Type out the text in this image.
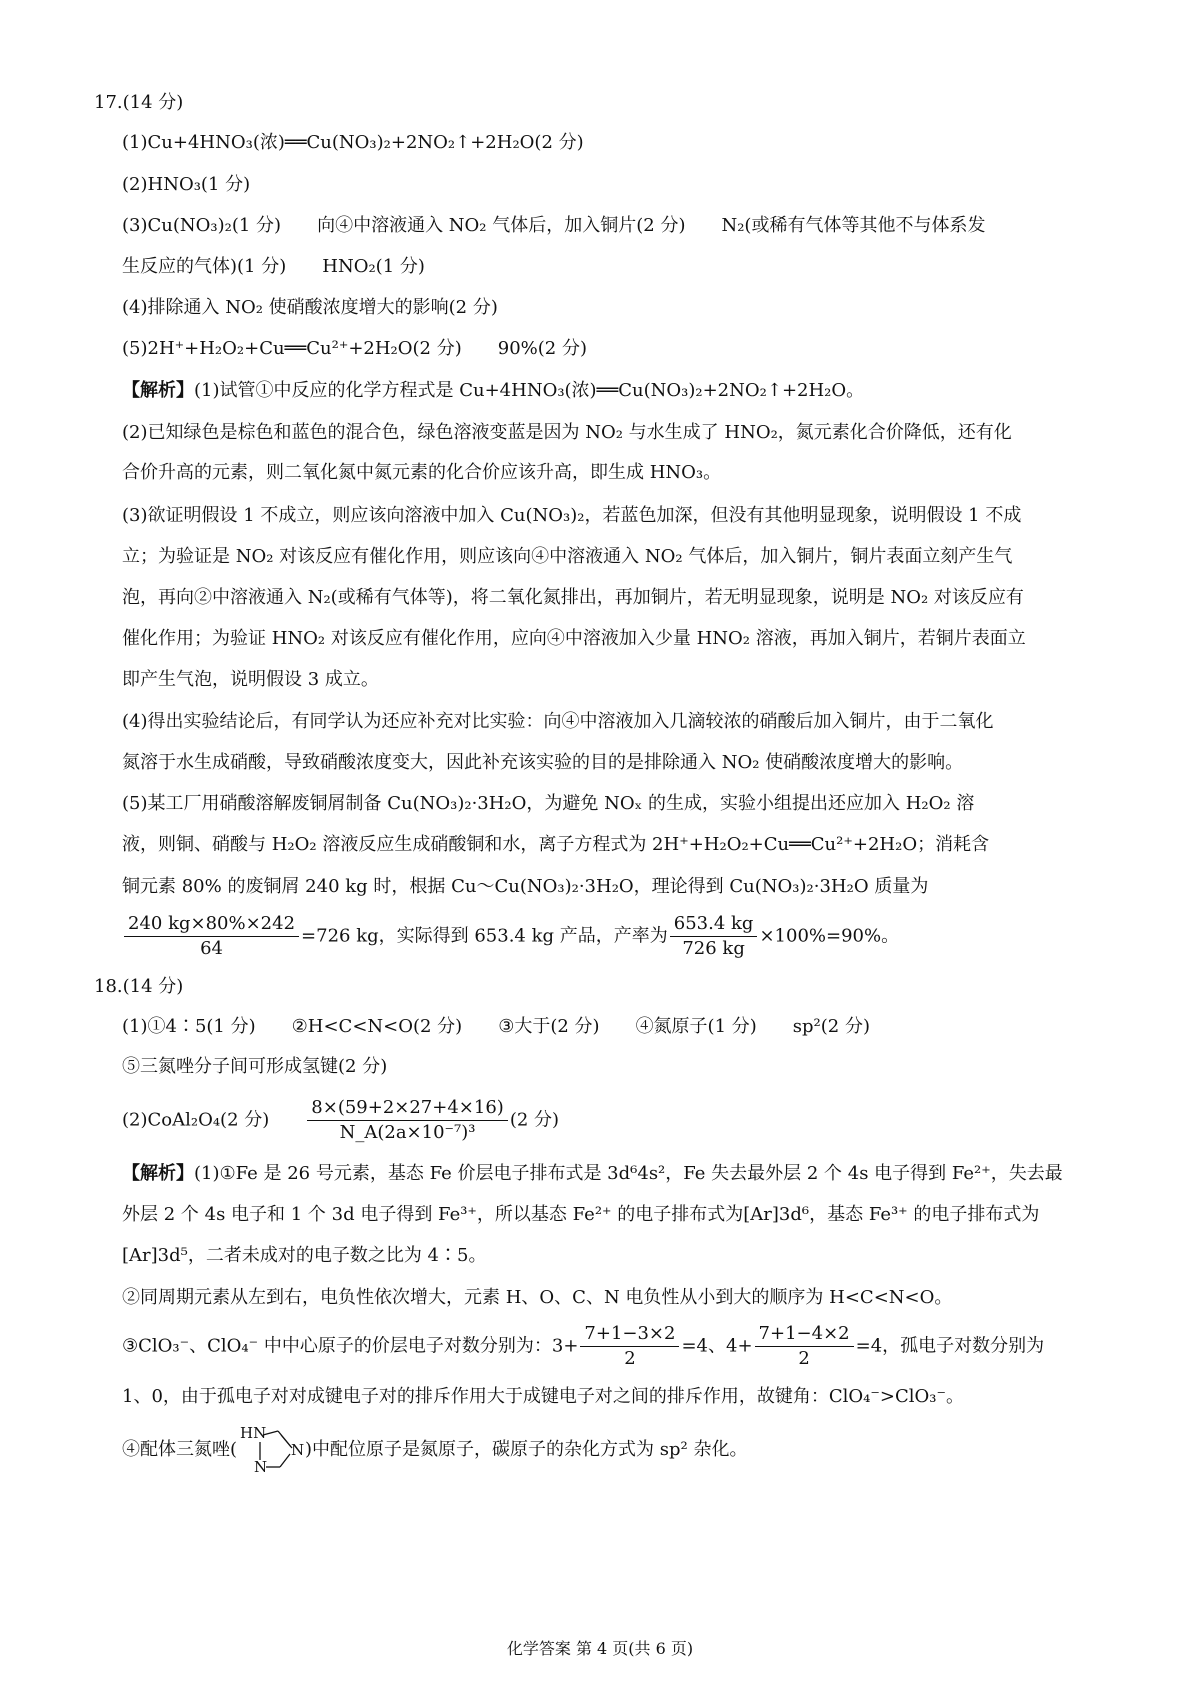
17.(14 分)
(1)Cu+4HNO₃(浓)══Cu(NO₃)₂+2NO₂↑+2H₂O(2 分)
(2)HNO₃(1 分)
(3)Cu(NO₃)₂(1 分) 向④中溶液通入 NO₂ 气体后，加入铜片(2 分) N₂(或稀有气体等其他不与体系发
生反应的气体)(1 分) HNO₂(1 分)
(4)排除通入 NO₂ 使硝酸浓度增大的影响(2 分)
(5)2H⁺+H₂O₂+Cu══Cu²⁺+2H₂O(2 分) 90%(2 分)
【解析】(1)试管①中反应的化学方程式是 Cu+4HNO₃(浓)══Cu(NO₃)₂+2NO₂↑+2H₂O。
(2)已知绿色是棕色和蓝色的混合色，绿色溶液变蓝是因为 NO₂ 与水生成了 HNO₂，氮元素化合价降低，还有化
合价升高的元素，则二氧化氮中氮元素的化合价应该升高，即生成 HNO₃。
(3)欲证明假设 1 不成立，则应该向溶液中加入 Cu(NO₃)₂，若蓝色加深，但没有其他明显现象，说明假设 1 不成
立；为验证是 NO₂ 对该反应有催化作用，则应该向④中溶液通入 NO₂ 气体后，加入铜片，铜片表面立刻产生气
泡，再向②中溶液通入 N₂(或稀有气体等)，将二氧化氮排出，再加铜片，若无明显现象，说明是 NO₂ 对该反应有
催化作用；为验证 HNO₂ 对该反应有催化作用，应向④中溶液加入少量 HNO₂ 溶液，再加入铜片，若铜片表面立
即产生气泡，说明假设 3 成立。
(4)得出实验结论后，有同学认为还应补充对比实验：向④中溶液加入几滴较浓的硝酸后加入铜片，由于二氧化
氮溶于水生成硝酸，导致硝酸浓度变大，因此补充该实验的目的是排除通入 NO₂ 使硝酸浓度增大的影响。
(5)某工厂用硝酸溶解废铜屑制备 Cu(NO₃)₂·3H₂O，为避免 NOₓ 的生成，实验小组提出还应加入 H₂O₂ 溶
液，则铜、硝酸与 H₂O₂ 溶液反应生成硝酸铜和水，离子方程式为 2H⁺+H₂O₂+Cu══Cu²⁺+2H₂O；消耗含
铜元素 80% 的废铜屑 240 kg 时，根据 Cu～Cu(NO₃)₂·3H₂O，理论得到 Cu(NO₃)₂·3H₂O 质量为
$\frac{240 kg\times 80\%\times 242}{64} =726$ kg，实际得到 653.4 kg 产品，产率为 $\frac{653.4 kg}{726 kg} \times 100\%=90\%$。
18.(14 分)
(1)①4∶5(1 分) ②H<C<N<O(2 分) ③大于(2 分) ④氮原子(1 分) sp²(2 分)
⑤三氮唑分子间可形成氢键(2 分)
(2)CoAl₂O₄(2 分) $\frac{8\times(59+2\times 27+4\times 16)}{\text{N\_A(2a×10⁻⁷)³}} (2$ 分)
【解析】(1)①Fe 是 26 号元素，基态 Fe 价层电子排布式是 3d⁶4s²，Fe 失去最外层 2 个 4s 电子得到 Fe²⁺，失去最
外层 2 个 4s 电子和 1 个 3d 电子得到 Fe³⁺，所以基态 Fe²⁺ 的电子排布式为[Ar]3d⁶，基态 Fe³⁺ 的电子排布式为
[Ar]3d⁵，二者未成对的电子数之比为 4∶5。
②同周期元素从左到右，电负性依次增大，元素 H、O、C、N 电负性从小到大的顺序为 H<C<N<O。
③ClO₃⁻、ClO₄⁻ 中中心原子的价层电子对数分别为：$3+ \frac{7+1-3\times 2}{2} =4$、$4+ \frac{7+1-4\times 2}{2} =4$，孤电子对数分别为
1、0，由于孤电子对对成键电子对的排斥作用大于成键电子对之间的排斥作用，故键角：ClO₄⁻>ClO₃⁻。
④配体三氮唑(	)中配位原子是氮原子，碳原子的杂化方式为 sp² 杂化。
HN
N
N
化学答案 第 4 页(共 6 页)
